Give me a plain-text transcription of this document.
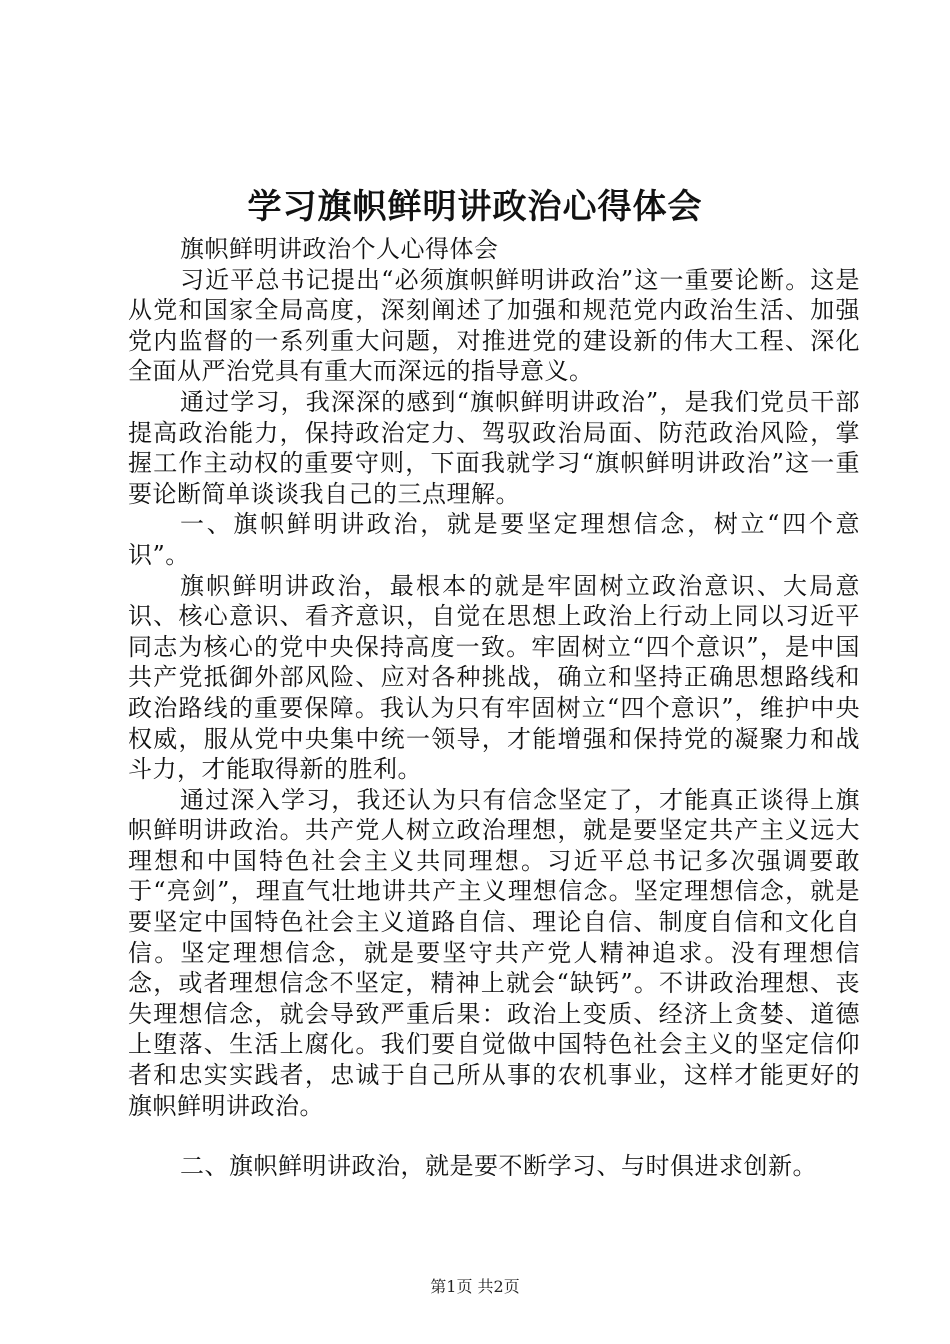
学习旗帜鲜明讲政治心得体会

旗帜鲜明讲政治个人心得体会

习近平总书记提出“必须旗帜鲜明讲政治”这一重要论断。这是从党和国家全局高度，深刻阐述了加强和规范党内政治生活、加强党内监督的一系列重大问题，对推进党的建设新的伟大工程、深化全面从严治党具有重大而深远的指导意义。

通过学习，我深深的感到“旗帜鲜明讲政治”，是我们党员干部提高政治能力，保持政治定力、驾驭政治局面、防范政治风险，掌握工作主动权的重要守则，下面我就学习“旗帜鲜明讲政治”这一重要论断简单谈谈我自己的三点理解。

一、旗帜鲜明讲政治，就是要坚定理想信念，树立“四个意识”。

旗帜鲜明讲政治，最根本的就是牢固树立政治意识、大局意识、核心意识、看齐意识，自觉在思想上政治上行动上同以习近平同志为核心的党中央保持高度一致。牢固树立“四个意识”，是中国共产党抵御外部风险、应对各种挑战，确立和坚持正确思想路线和政治路线的重要保障。我认为只有牢固树立“四个意识”，维护中央权威，服从党中央集中统一领导，才能增强和保持党的凝聚力和战斗力，才能取得新的胜利。

通过深入学习，我还认为只有信念坚定了，才能真正谈得上旗帜鲜明讲政治。共产党人树立政治理想，就是要坚定共产主义远大理想和中国特色社会主义共同理想。习近平总书记多次强调要敢于“亮剑”，理直气壮地讲共产主义理想信念。坚定理想信念，就是要坚定中国特色社会主义道路自信、理论自信、制度自信和文化自信。坚定理想信念，就是要坚守共产党人精神追求。没有理想信念，或者理想信念不坚定，精神上就会“缺钙”。不讲政治理想、丧失理想信念，就会导致严重后果：政治上变质、经济上贪婪、道德上堕落、生活上腐化。我们要自觉做中国特色社会主义的坚定信仰者和忠实实践者，忠诚于自己所从事的农机事业，这样才能更好的旗帜鲜明讲政治。

二、旗帜鲜明讲政治，就是要不断学习、与时俱进求创新。

第1页 共2页
